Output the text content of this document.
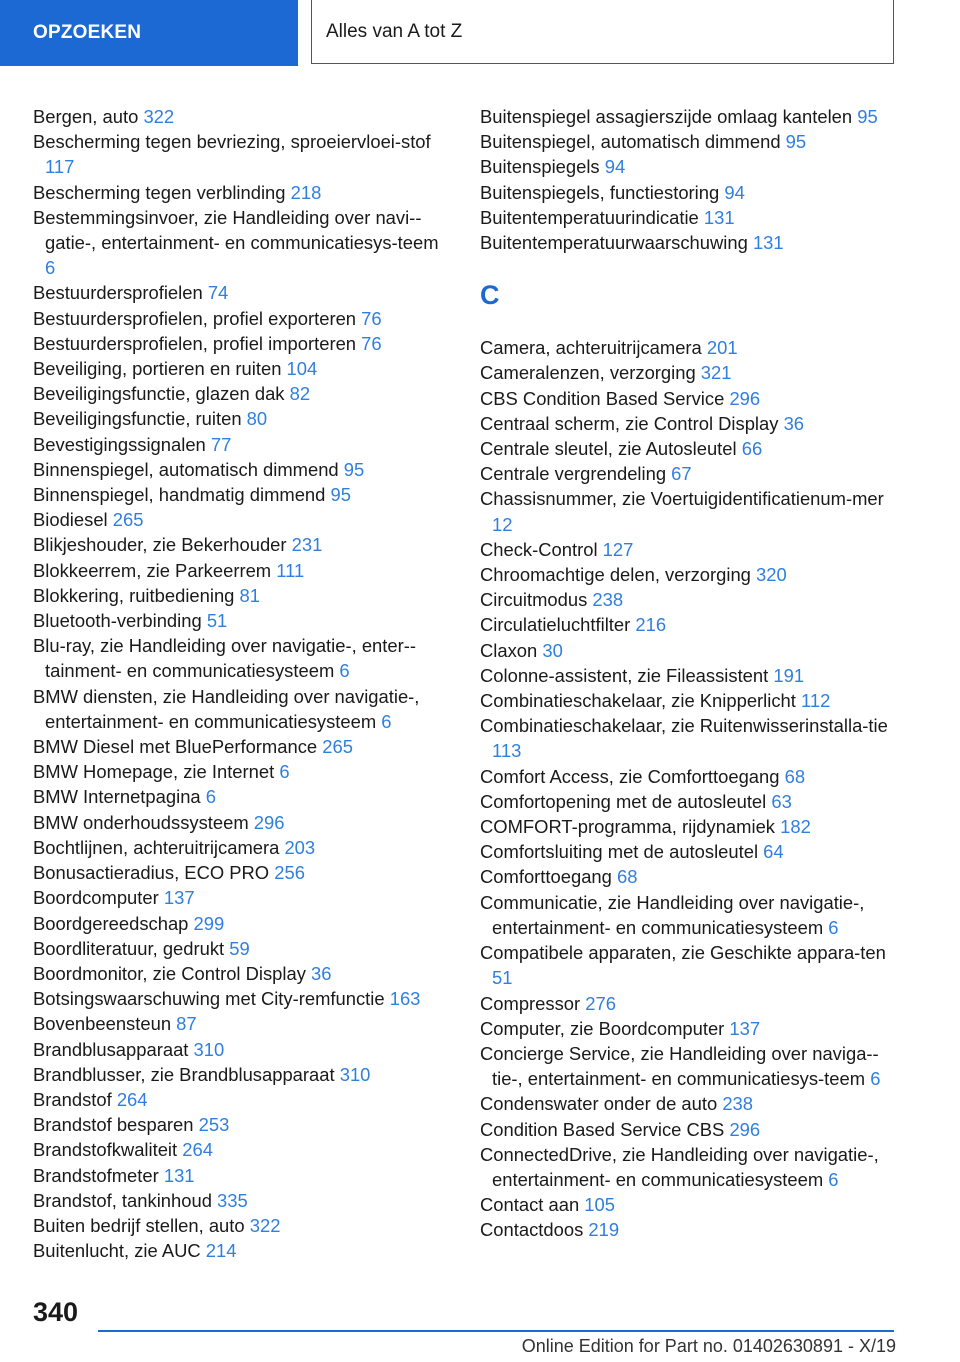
OPZOEKEN	Alles van A tot Z

Bergen, auto 322

Bescherming tegen bevriezing, sproeiervloei-stof 117

Bescherming tegen verblinding 218

Bestemmingsinvoer, zie Handleiding over navi-gatie-, entertainment- en communicatiesys-teem 6

Bestuurdersprofielen 74

Bestuurdersprofielen, profiel exporteren 76

Bestuurdersprofielen, profiel importeren 76

Beveiliging, portieren en ruiten 104

Beveiligingsfunctie, glazen dak 82

Beveiligingsfunctie, ruiten 80

Bevestigingssignalen 77

Binnenspiegel, automatisch dimmend 95

Binnenspiegel, handmatig dimmend 95

Biodiesel 265

Blikjeshouder, zie Bekerhouder 231

Blokkeerrem, zie Parkeerrem 111

Blokkering, ruitbediening 81

Bluetooth-verbinding 51

Blu-ray, zie Handleiding over navigatie-, enter-tainment- en communicatiesysteem 6

BMW diensten, zie Handleiding over navigatie-, entertainment- en communicatiesysteem 6

BMW Diesel met BluePerformance 265

BMW Homepage, zie Internet 6

BMW Internetpagina 6

BMW onderhoudssysteem 296

Bochtlijnen, achteruitrijcamera 203

Bonusactieradius, ECO PRO 256

Boordcomputer 137

Boordgereedschap 299

Boordliteratuur, gedrukt 59

Boordmonitor, zie Control Display 36

Botsingswaarschuwing met City-remfunctie 163

Bovenbeensteun 87

Brandblusapparaat 310

Brandblusser, zie Brandblusapparaat 310

Brandstof 264

Brandstof besparen 253

Brandstofkwaliteit 264

Brandstofmeter 131

Brandstof, tankinhoud 335

Buiten bedrijf stellen, auto 322

Buitenlucht, zie AUC 214

Buitenspiegel assagierszijde omlaag kantelen 95

Buitenspiegel, automatisch dimmend 95

Buitenspiegels 94

Buitenspiegels, functiestoring 94

Buitentemperatuurindicatie 131

Buitentemperatuurwaarschuwing 131

C

Camera, achteruitrijcamera 201

Cameralenzen, verzorging 321

CBS Condition Based Service 296

Centraal scherm, zie Control Display 36

Centrale sleutel, zie Autosleutel 66

Centrale vergrendeling 67

Chassisnummer, zie Voertuigidentificatienum-mer 12

Check-Control 127

Chroomachtige delen, verzorging 320

Circuitmodus 238

Circulatieluchtfilter 216

Claxon 30

Colonne-assistent, zie Fileassistent 191

Combinatieschakelaar, zie Knipperlicht 112

Combinatieschakelaar, zie Ruitenwisserinstalla-tie 113

Comfort Access, zie Comforttoegang 68

Comfortopening met de autosleutel 63

COMFORT-programma, rijdynamiek 182

Comfortsluiting met de autosleutel 64

Comforttoegang 68

Communicatie, zie Handleiding over navigatie-, entertainment- en communicatiesysteem 6

Compatibele apparaten, zie Geschikte appara-ten 51

Compressor 276

Computer, zie Boordcomputer 137

Concierge Service, zie Handleiding over naviga-tie-, entertainment- en communicatiesys-teem 6

Condenswater onder de auto 238

Condition Based Service CBS 296

ConnectedDrive, zie Handleiding over navigatie-, entertainment- en communicatiesysteem 6

Contact aan 105

Contactdoos 219

340
Online Edition for Part no. 01402630891 - X/19
